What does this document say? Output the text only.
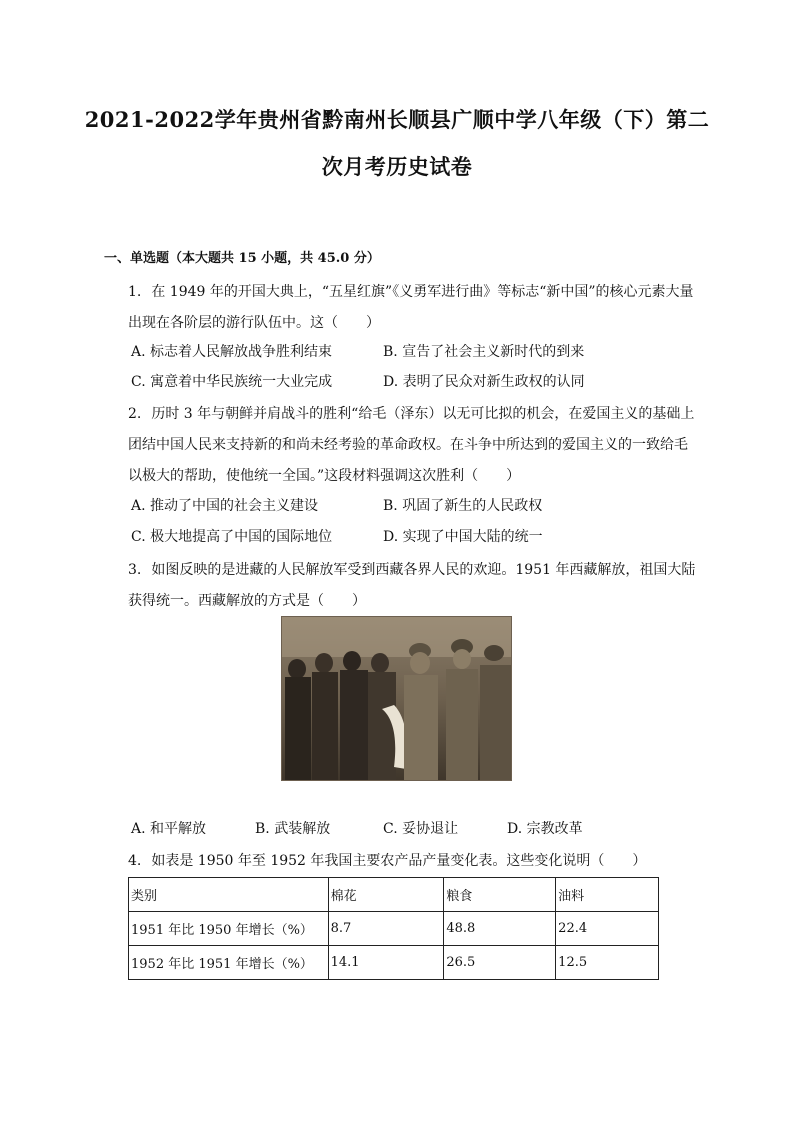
2021-2022学年贵州省黔南州长顺县广顺中学八年级（下）第二
次月考历史试卷
一、单选题（本大题共 15 小题，共 45.0 分）
1. 在 1949 年的开国大典上，“五星红旗”《义勇军进行曲》等标志“新中国”的核心元素大量出现在各阶层的游行队伍中。这（　　）
A. 标志着人民解放战争胜利结束	B. 宣告了社会主义新时代的到来
C. 寓意着中华民族统一大业完成	D. 表明了民众对新生政权的认同
2. 历时 3 年与朝鲜并肩战斗的胜利“给毛（泽东）以无可比拟的机会，在爱国主义的基础上团结中国人民来支持新的和尚未经考验的革命政权。在斗争中所达到的爱国主义的一致给毛以极大的帮助，使他统一全国。”这段材料强调这次胜利（　　）
A. 推动了中国的社会主义建设	B. 巩固了新生的人民政权
C. 极大地提高了中国的国际地位	D. 实现了中国大陆的统一
3. 如图反映的是进藏的人民解放军受到西藏各界人民的欢迎。1951 年西藏解放，祖国大陆获得统一。西藏解放的方式是（　　）
A. 和平解放	B. 武装解放	C. 妥协退让	D. 宗教改革
4. 如表是 1950 年至 1952 年我国主要农产品产量变化表。这些变化说明（　　）
类别	棉花	粮食	油料
1951 年比 1950 年增长（%）	8.7	48.8	22.4
1952 年比 1951 年增长（%）	14.1	26.5	12.5
